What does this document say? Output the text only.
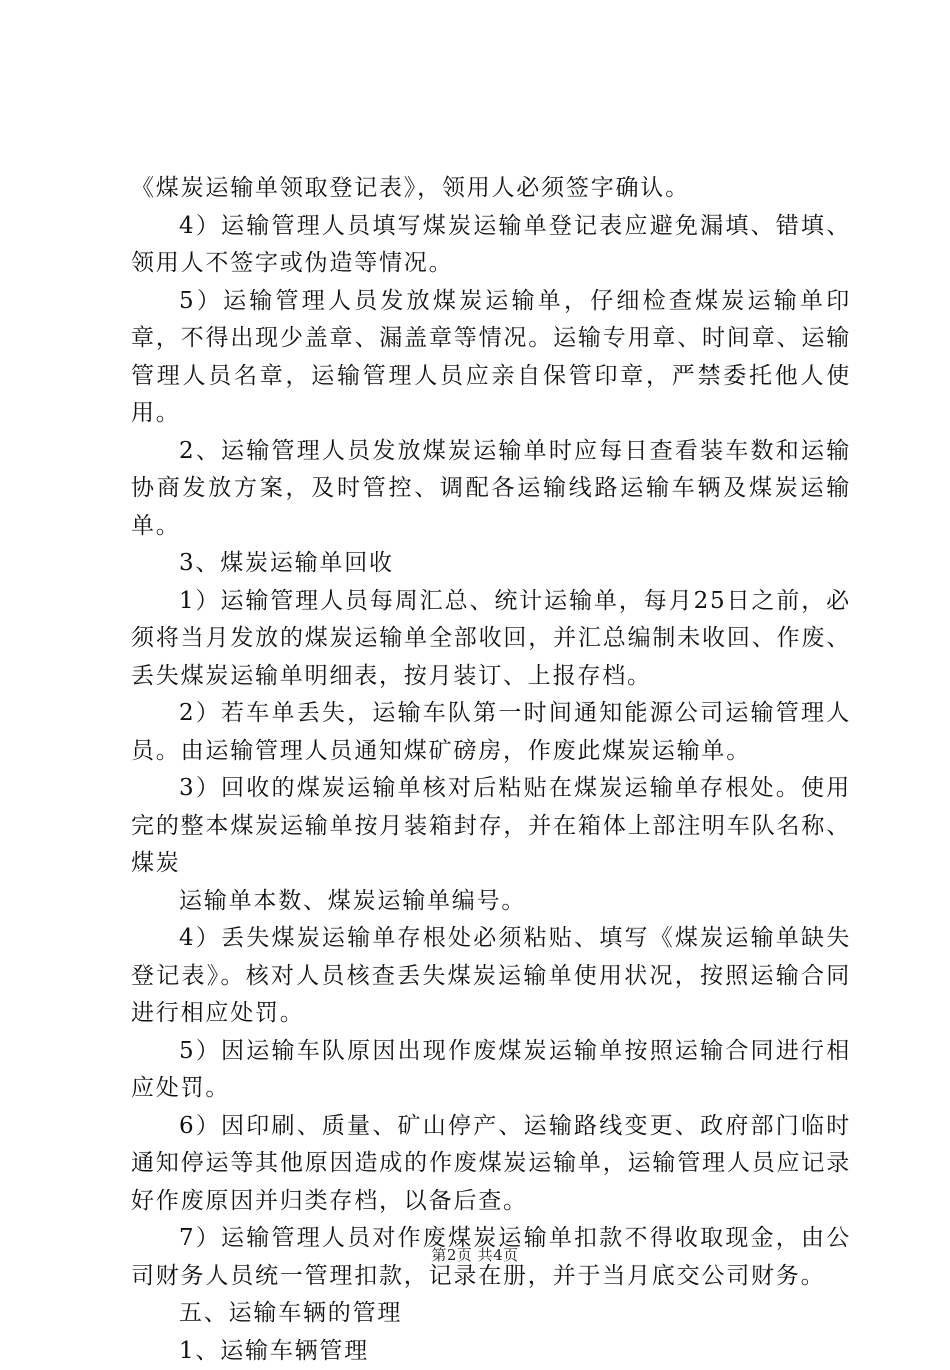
《煤炭运输单领取登记表》，领用人必须签字确认。

4）运输管理人员填写煤炭运输单登记表应避免漏填、错填、领用人不签字或伪造等情况。

5）运输管理人员发放煤炭运输单，仔细检查煤炭运输单印章，不得出现少盖章、漏盖章等情况。运输专用章、时间章、运输管理人员名章，运输管理人员应亲自保管印章，严禁委托他人使用。

2、运输管理人员发放煤炭运输单时应每日查看装车数和运输协商发放方案，及时管控、调配各运输线路运输车辆及煤炭运输单。

3、煤炭运输单回收

1）运输管理人员每周汇总、统计运输单，每月25日之前，必须将当月发放的煤炭运输单全部收回，并汇总编制未收回、作废、丢失煤炭运输单明细表，按月装订、上报存档。

2）若车单丢失，运输车队第一时间通知能源公司运输管理人员。由运输管理人员通知煤矿磅房，作废此煤炭运输单。

3）回收的煤炭运输单核对后粘贴在煤炭运输单存根处。使用完的整本煤炭运输单按月装箱封存，并在箱体上部注明车队名称、煤炭

运输单本数、煤炭运输单编号。

4）丢失煤炭运输单存根处必须粘贴、填写《煤炭运输单缺失登记表》。核对人员核查丢失煤炭运输单使用状况，按照运输合同进行相应处罚。

5）因运输车队原因出现作废煤炭运输单按照运输合同进行相应处罚。

6）因印刷、质量、矿山停产、运输路线变更、政府部门临时通知停运等其他原因造成的作废煤炭运输单，运输管理人员应记录好作废原因并归类存档，以备后查。

7）运输管理人员对作废煤炭运输单扣款不得收取现金，由公司财务人员统一管理扣款，记录在册，并于当月底交公司财务。

五、运输车辆的管理

1、运输车辆管理

第2页 共4页
